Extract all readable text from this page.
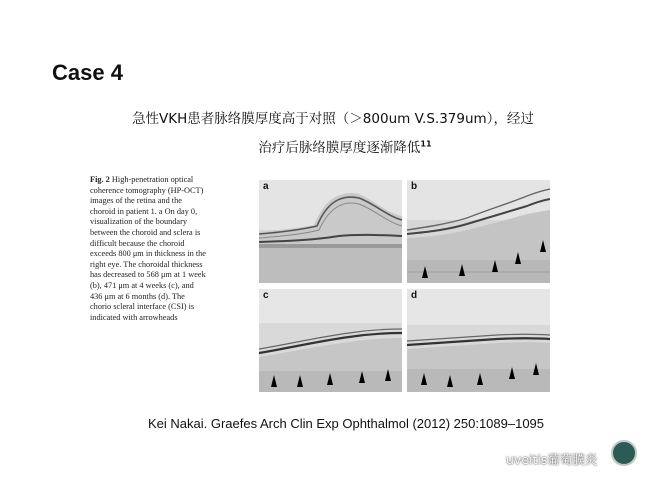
Case 4
急性VKH患者脉络膜厚度高于对照（＞800um V.S.379um），经过
治疗后脉络膜厚度逐渐降低$^{11}$
Fig. 2 High-penetration optical coherence tomography (HP-OCT) images of the retina and the choroid in patient 1. a On day 0, visualization of the boundary between the choroid and sclera is difficult because the choroid exceeds 800 μm in thickness in the right eye. The choroidal thickness has decreased to 568 μm at 1 week (b), 471 μm at 4 weeks (c), and 436 μm at 6 months (d). The chorio scleral interface (CSI) is indicated with arrowheads
a	b
c	d
Kei Nakai. Graefes Arch Clin Exp Ophthalmol (2012) 250:1089–1095
uveitis葡萄膜炎
